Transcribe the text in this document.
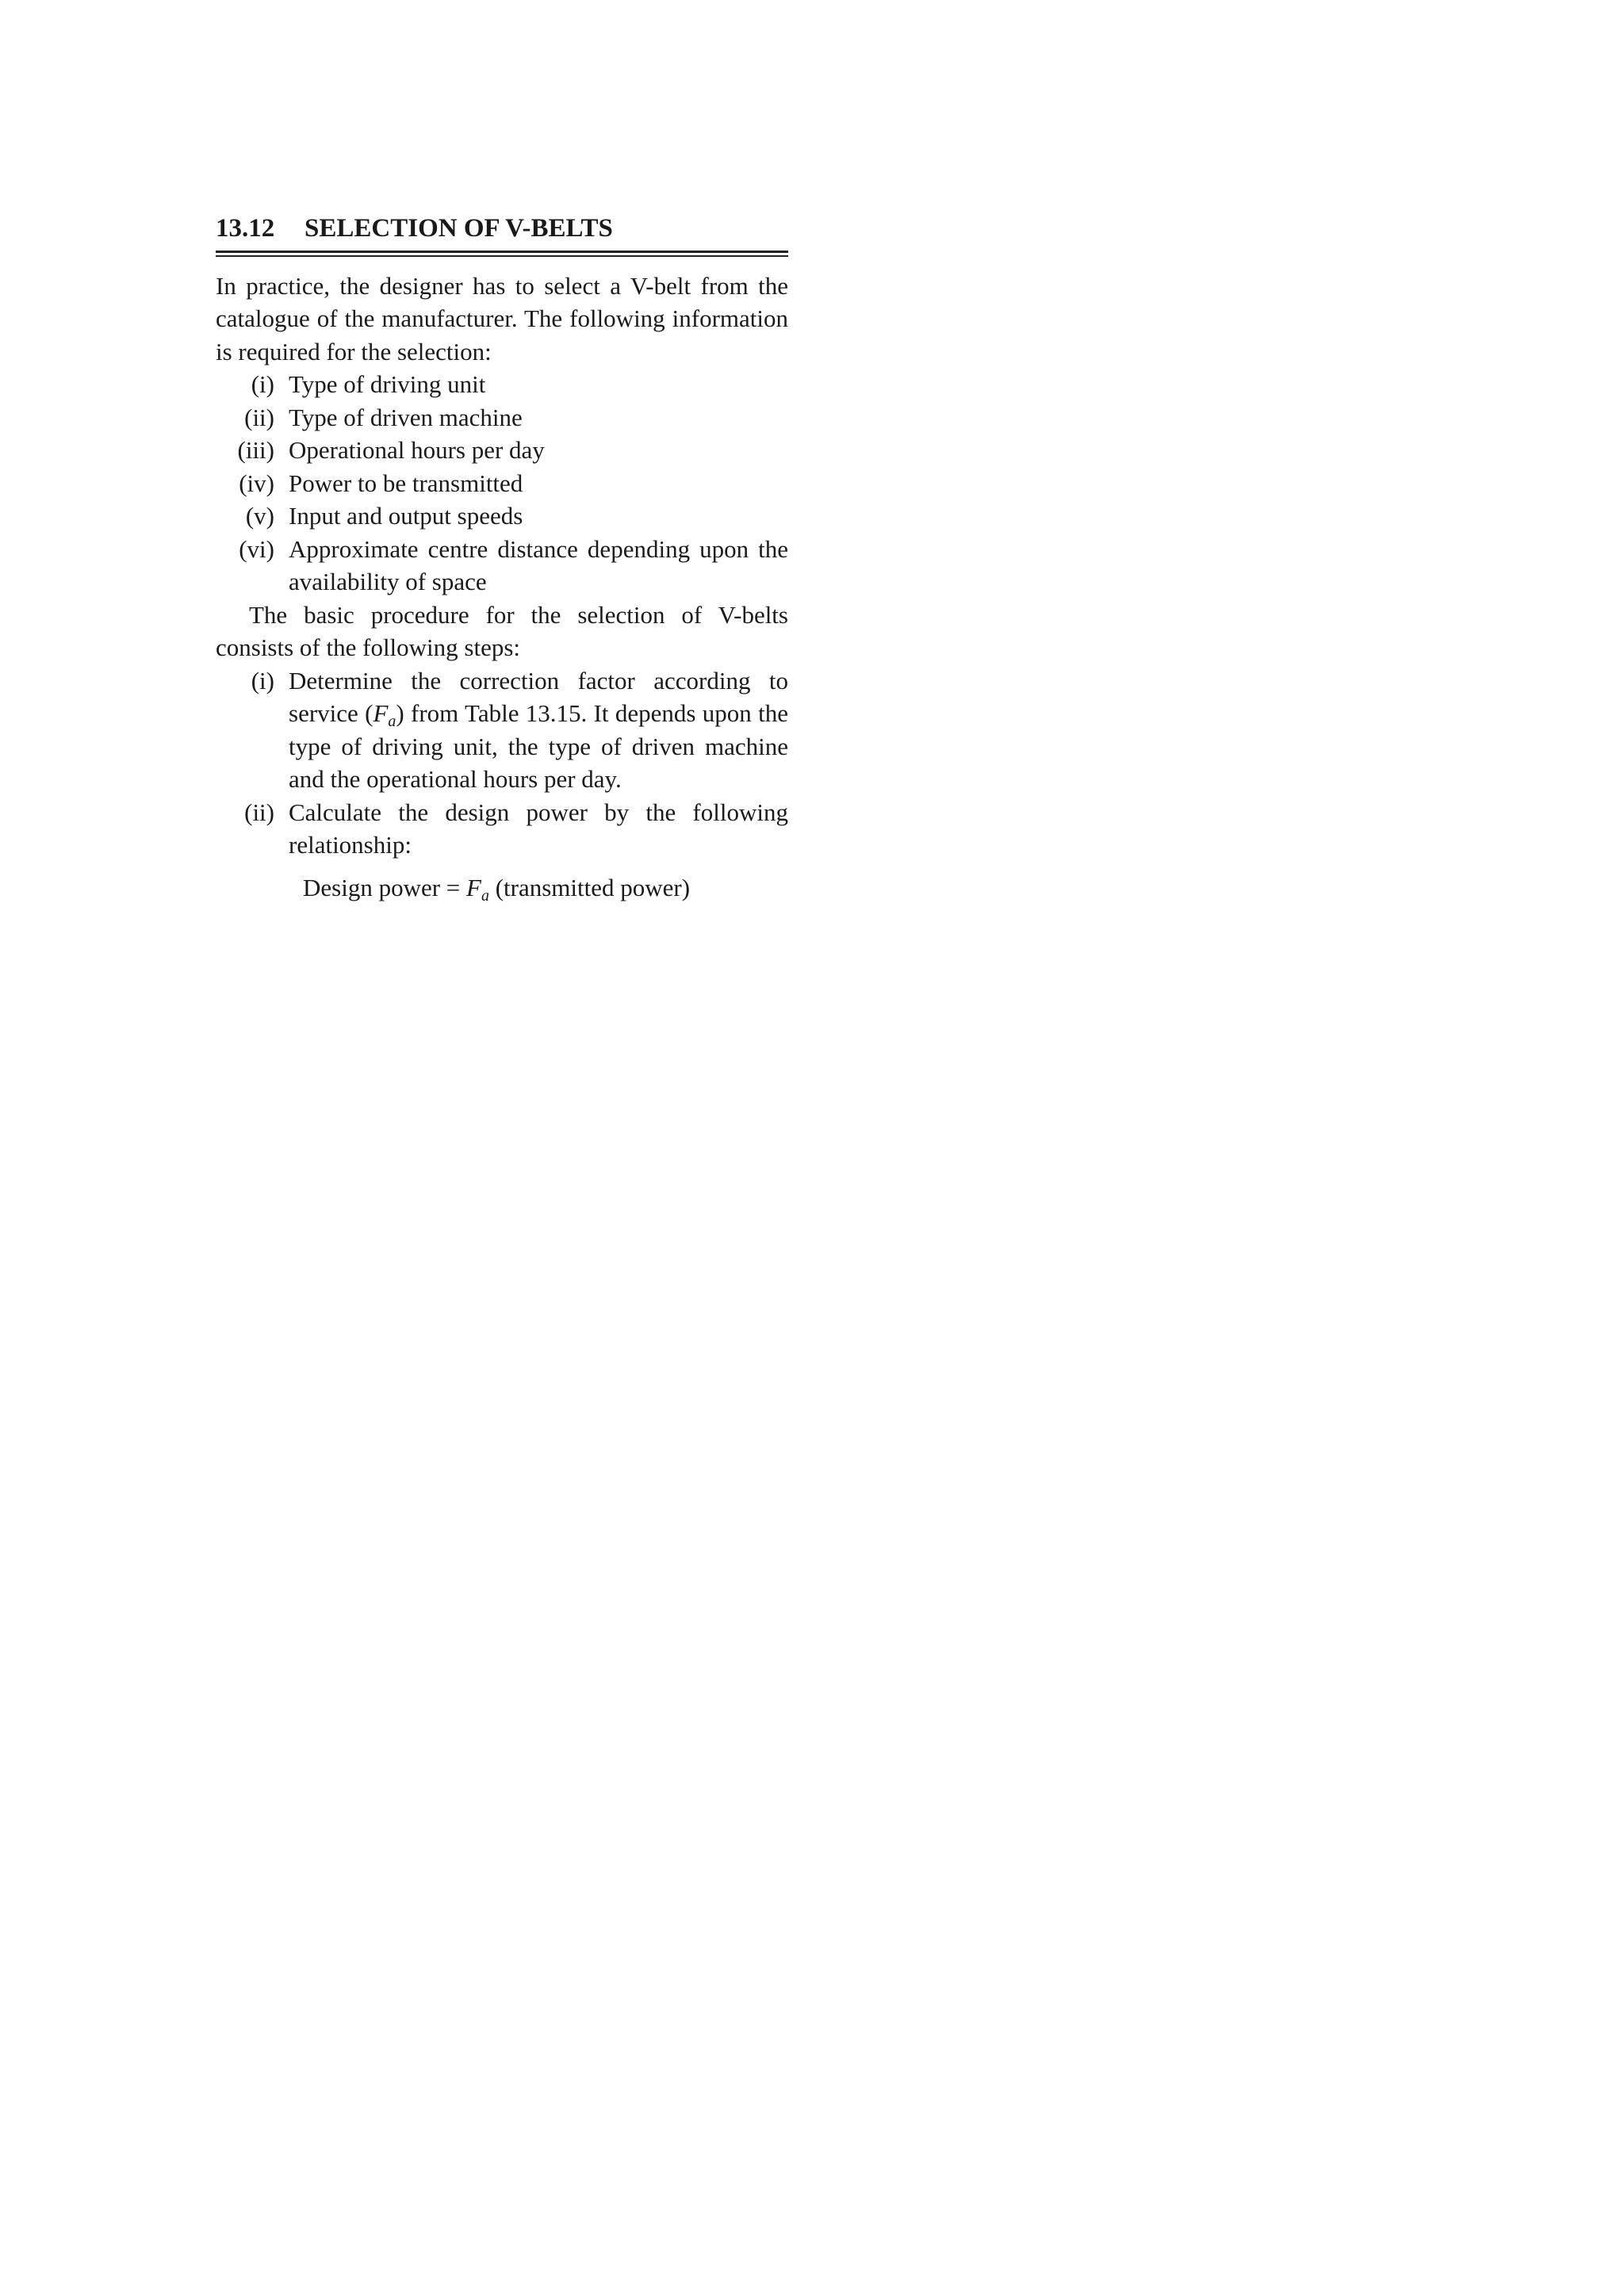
13.12 SELECTION OF V-BELTS

In practice, the designer has to select a V-belt from the catalogue of the manufacturer. The following information is required for the selection:

(i) Type of driving unit
(ii) Type of driven machine
(iii) Operational hours per day
(iv) Power to be transmitted
(v) Input and output speeds
(vi) Approximate centre distance depending upon the availability of space

The basic procedure for the selection of V-belts consists of the following steps:

(i) Determine the correction factor according to service $(F_a)$ from Table 13.15. It depends upon the type of driving unit, the type of driven machine and the operational hours per day.
(ii) Calculate the design power by the following relationship:
Design power = $F_a$ (transmitted power)
